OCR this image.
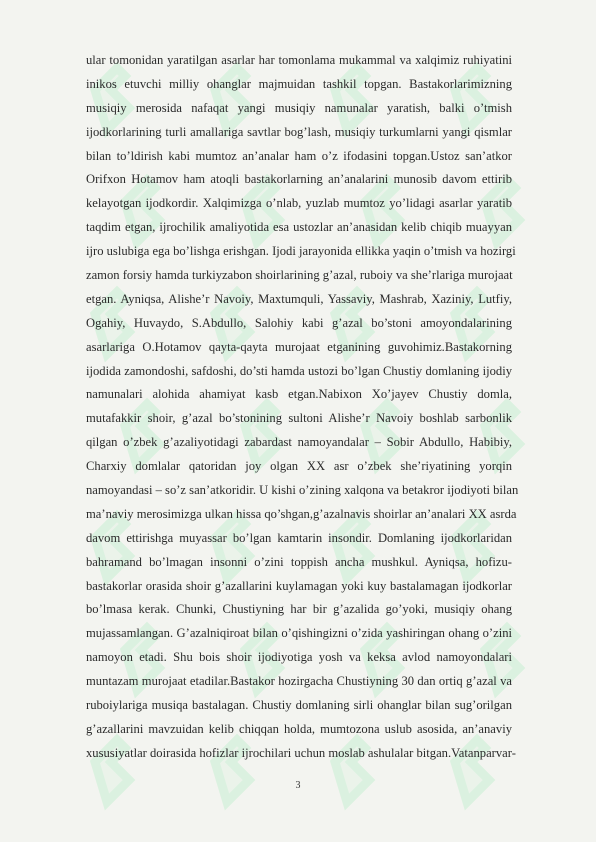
ular tomonidan yaratilgan asarlar har tomonlama mukammal va xalqimiz ruhiyatini
inikos etuvchi milliy ohanglar majmuidan tashkil topgan. Bastakorlarimizning
musiqiy merosida nafaqat yangi musiqiy namunalar yaratish, balki o’tmish
ijodkorlarining turli amallariga savtlar bog’lash, musiqiy turkumlarni yangi qismlar
bilan to’ldirish kabi mumtoz an’analar ham o’z ifodasini topgan.Ustoz san’atkor
Orifxon Hotamov ham atoqli bastakorlarning an’analarini munosib davom ettirib
kelayotgan ijodkordir. Xalqimizga o’nlab, yuzlab mumtoz yo’lidagi asarlar yaratib
taqdim etgan, ijrochilik amaliyotida esa ustozlar an’anasidan kelib chiqib muayyan
ijro uslubiga ega bo’lishga erishgan. Ijodi jarayonida ellikka yaqin o’tmish va hozirgi
zamon forsiy hamda turkiyzabon shoirlarining g’azal, ruboiy va she’rlariga murojaat
etgan. Ayniqsa, Alishe’r Navoiy, Maxtumquli, Yassaviy, Mashrab, Xaziniy, Lutfiy,
Ogahiy, Huvaydo, S.Abdullo, Salohiy kabi g’azal bo’stoni amoyondalarining
asarlariga O.Hotamov qayta-qayta murojaat etganining guvohimiz.Bastakorning
ijodida zamondoshi, safdoshi, do’sti hamda ustozi bo’lgan Chustiy domlaning ijodiy
namunalari alohida ahamiyat kasb etgan.Nabixon Xo’jayev Chustiy domla,
mutafakkir shoir, g’azal bo’stonining sultoni Alishe’r Navoiy boshlab sarbonlik
qilgan o’zbek g’azaliyotidagi zabardast namoyandalar – Sobir Abdullo, Habibiy,
Charxiy domlalar qatoridan joy olgan XX asr o’zbek she’riyatining yorqin
namoyandasi – so’z san’atkoridir. U kishi o’zining xalqona va betakror ijodiyoti bilan
ma’naviy merosimizga ulkan hissa qo’shgan,g’azalnavis shoirlar an’analari XX asrda
davom ettirishga muyassar bo’lgan kamtarin insondir. Domlaning ijodkorlaridan
bahramand bo’lmagan insonni o’zini toppish ancha mushkul. Ayniqsa, hofizu-
bastakorlar orasida shoir g’azallarini kuylamagan yoki kuy bastalamagan ijodkorlar
bo’lmasa kerak. Chunki, Chustiyning har bir g’azalida go’yoki, musiqiy ohang
mujassamlangan. G’azalniqiroat bilan o’qishingizni o’zida yashiringan ohang o’zini
namoyon etadi. Shu bois shoir ijodiyotiga yosh va keksa avlod namoyondalari
muntazam murojaat etadilar.Bastakor hozirgacha Chustiyning 30 dan ortiq g’azal va
ruboiylariga musiqa bastalagan. Chustiy domlaning sirli ohanglar bilan sug’orilgan
g’azallarini mavzuidan kelib chiqqan holda, mumtozona uslub asosida, an’anaviy
xususiyatlar doirasida hofizlar ijrochilari uchun moslab ashulalar bitgan.Vatanparvar-
3
